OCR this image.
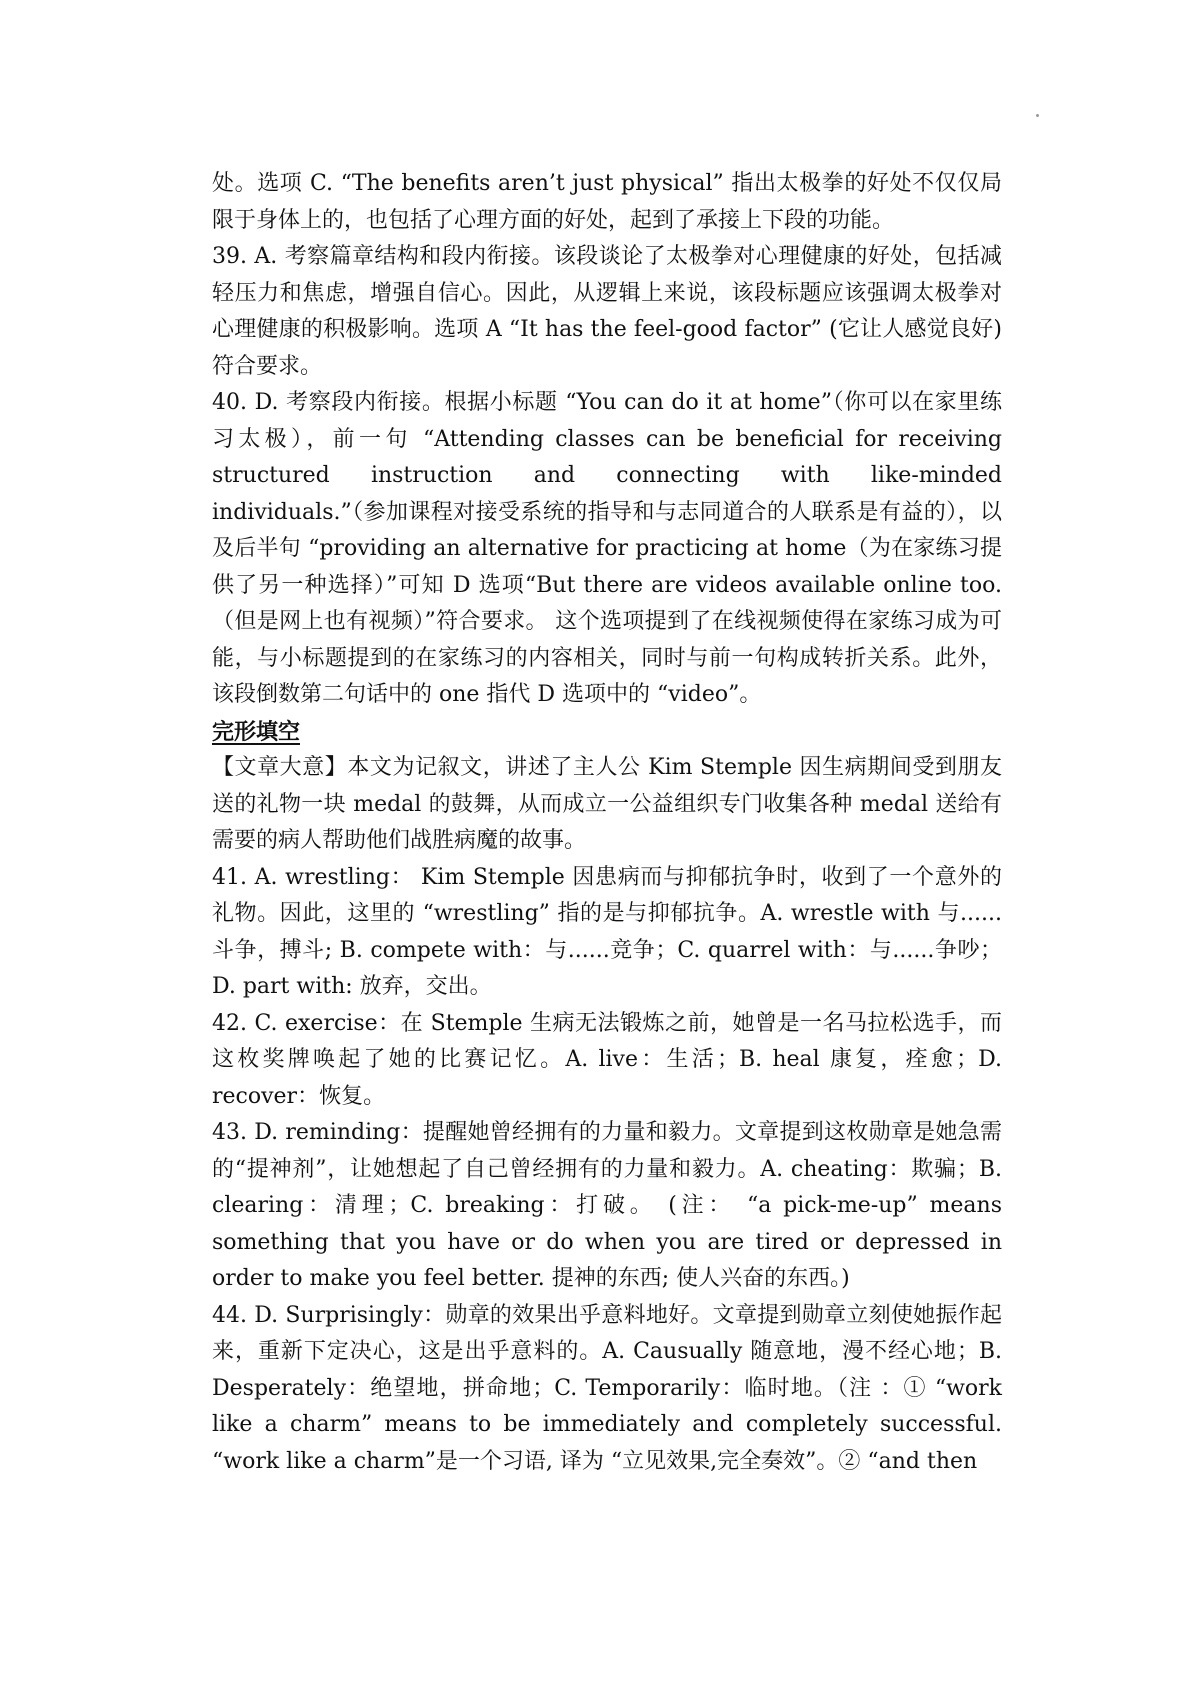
处。选项 C. “The benefits aren’t just physical” 指出太极拳的好处不仅仅局限于身体上的，也包括了心理方面的好处，起到了承接上下段的功能。

39. A. 考察篇章结构和段内衔接。该段谈论了太极拳对心理健康的好处，包括减轻压力和焦虑，增强自信心。因此，从逻辑上来说，该段标题应该强调太极拳对心理健康的积极影响。选项 A “It has the feel-good factor” (它让人感觉良好) 符合要求。

40. D. 考察段内衔接。根据小标题 “You can do it at home”（你可以在家里练习太极），前一句 “Attending classes can be beneficial for receiving structured instruction and connecting with like-minded individuals.”（参加课程对接受系统的指导和与志同道合的人联系是有益的），以及后半句 “providing an alternative for practicing at home（为在家练习提供了另一种选择）”可知 D 选项“But there are videos available online too.（但是网上也有视频）”符合要求。 这个选项提到了在线视频使得在家练习成为可能，与小标题提到的在家练习的内容相关，同时与前一句构成转折关系。此外，该段倒数第二句话中的 one 指代 D 选项中的 “video”。

完形填空

【文章大意】本文为记叙文，讲述了主人公 Kim Stemple 因生病期间受到朋友送的礼物一块 medal 的鼓舞，从而成立一公益组织专门收集各种 medal 送给有需要的病人帮助他们战胜病魔的故事。

41. A. wrestling： Kim Stemple 因患病而与抑郁抗争时，收到了一个意外的礼物。因此，这里的 “wrestling” 指的是与抑郁抗争。A. wrestle with 与......斗争，搏斗; B. compete with：与......竞争；C. quarrel with：与......争吵；D. part with: 放弃，交出。

42. C. exercise：在 Stemple 生病无法锻炼之前，她曾是一名马拉松选手，而这枚奖牌唤起了她的比赛记忆。A. live：生活；B. heal 康复，痊愈；D. recover：恢复。

43. D. reminding：提醒她曾经拥有的力量和毅力。文章提到这枚勋章是她急需的“提神剂”，让她想起了自己曾经拥有的力量和毅力。A. cheating：欺骗；B. clearing：清理；C. breaking：打破。 (注： “a pick-me-up” means something that you have or do when you are tired or depressed in order to make you feel better. 提神的东西; 使人兴奋的东西。)

44. D. Surprisingly：勋章的效果出乎意料地好。文章提到勋章立刻使她振作起来，重新下定决心，这是出乎意料的。A. Causually 随意地，漫不经心地；B. Desperately：绝望地，拼命地；C. Temporarily：临时地。（注 ：① “work like a charm” means to be immediately and completely successful. “work like a charm”是一个习语, 译为 “立见效果,完全奏效”。② “and then
